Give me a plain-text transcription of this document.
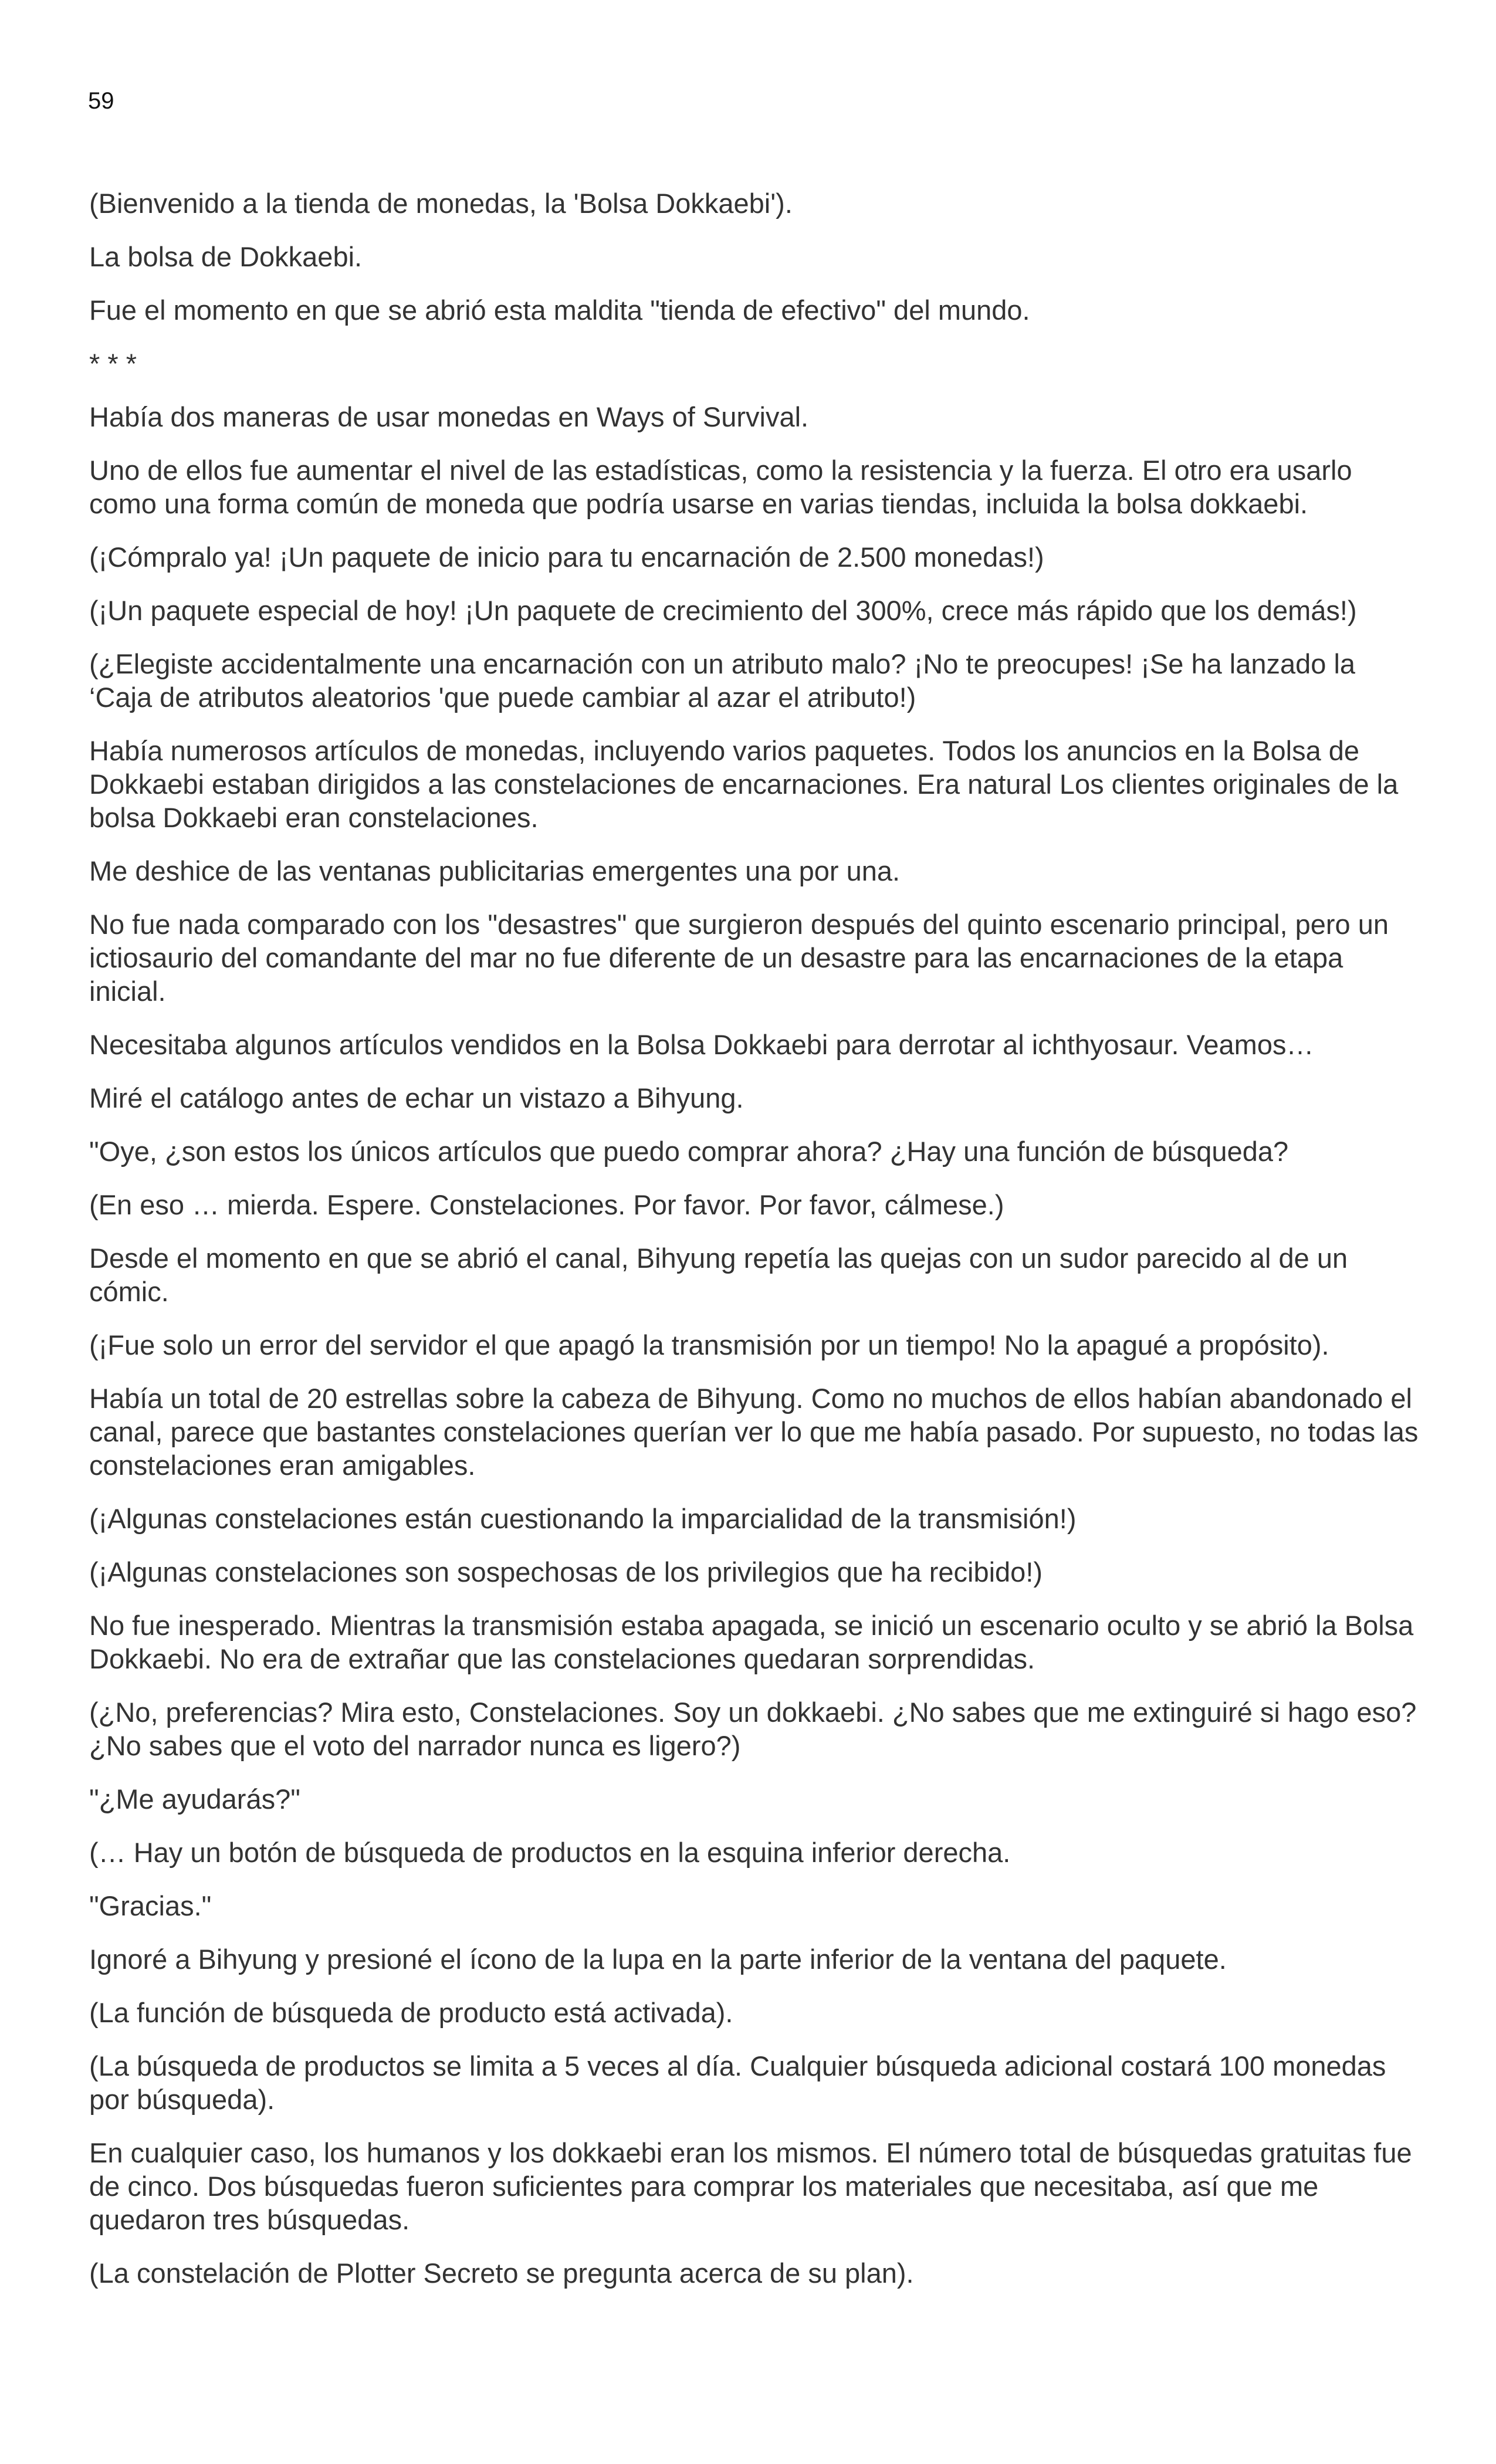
59

(Bienvenido a la tienda de monedas, la 'Bolsa Dokkaebi').

La bolsa de Dokkaebi.

Fue el momento en que se abrió esta maldita "tienda de efectivo" del mundo.

* * *

Había dos maneras de usar monedas en Ways of Survival.

Uno de ellos fue aumentar el nivel de las estadísticas, como la resistencia y la fuerza. El otro era usarlo como una forma común de moneda que podría usarse en varias tiendas, incluida la bolsa dokkaebi.

(¡Cómpralo ya! ¡Un paquete de inicio para tu encarnación de 2.500 monedas!)

(¡Un paquete especial de hoy! ¡Un paquete de crecimiento del 300%, crece más rápido que los demás!)

(¿Elegiste accidentalmente una encarnación con un atributo malo? ¡No te preocupes! ¡Se ha lanzado la ‘Caja de atributos aleatorios 'que puede cambiar al azar el atributo!)

Había numerosos artículos de monedas, incluyendo varios paquetes. Todos los anuncios en la Bolsa de Dokkaebi estaban dirigidos a las constelaciones de encarnaciones. Era natural Los clientes originales de la bolsa Dokkaebi eran constelaciones.

Me deshice de las ventanas publicitarias emergentes una por una.

No fue nada comparado con los "desastres" que surgieron después del quinto escenario principal, pero un ictiosaurio del comandante del mar no fue diferente de un desastre para las encarnaciones de la etapa inicial.

Necesitaba algunos artículos vendidos en la Bolsa Dokkaebi para derrotar al ichthyosaur. Veamos…

Miré el catálogo antes de echar un vistazo a Bihyung.

"Oye, ¿son estos los únicos artículos que puedo comprar ahora? ¿Hay una función de búsqueda?

(En eso … mierda. Espere. Constelaciones. Por favor. Por favor, cálmese.)

Desde el momento en que se abrió el canal, Bihyung repetía las quejas con un sudor parecido al de un cómic.

(¡Fue solo un error del servidor el que apagó la transmisión por un tiempo! No la apagué a propósito).

Había un total de 20 estrellas sobre la cabeza de Bihyung. Como no muchos de ellos habían abandonado el canal, parece que bastantes constelaciones querían ver lo que me había pasado. Por supuesto, no todas las constelaciones eran amigables.

(¡Algunas constelaciones están cuestionando la imparcialidad de la transmisión!)

(¡Algunas constelaciones son sospechosas de los privilegios que ha recibido!)

No fue inesperado. Mientras la transmisión estaba apagada, se inició un escenario oculto y se abrió la Bolsa Dokkaebi. No era de extrañar que las constelaciones quedaran sorprendidas.

(¿No, preferencias? Mira esto, Constelaciones. Soy un dokkaebi. ¿No sabes que me extinguiré si hago eso? ¿No sabes que el voto del narrador nunca es ligero?)

"¿Me ayudarás?"

(… Hay un botón de búsqueda de productos en la esquina inferior derecha.

"Gracias."

Ignoré a Bihyung y presioné el ícono de la lupa en la parte inferior de la ventana del paquete.

(La función de búsqueda de producto está activada).

(La búsqueda de productos se limita a 5 veces al día. Cualquier búsqueda adicional costará 100 monedas por búsqueda).

En cualquier caso, los humanos y los dokkaebi eran los mismos. El número total de búsquedas gratuitas fue de cinco. Dos búsquedas fueron suficientes para comprar los materiales que necesitaba, así que me quedaron tres búsquedas.

(La constelación de Plotter Secreto se pregunta acerca de su plan).
